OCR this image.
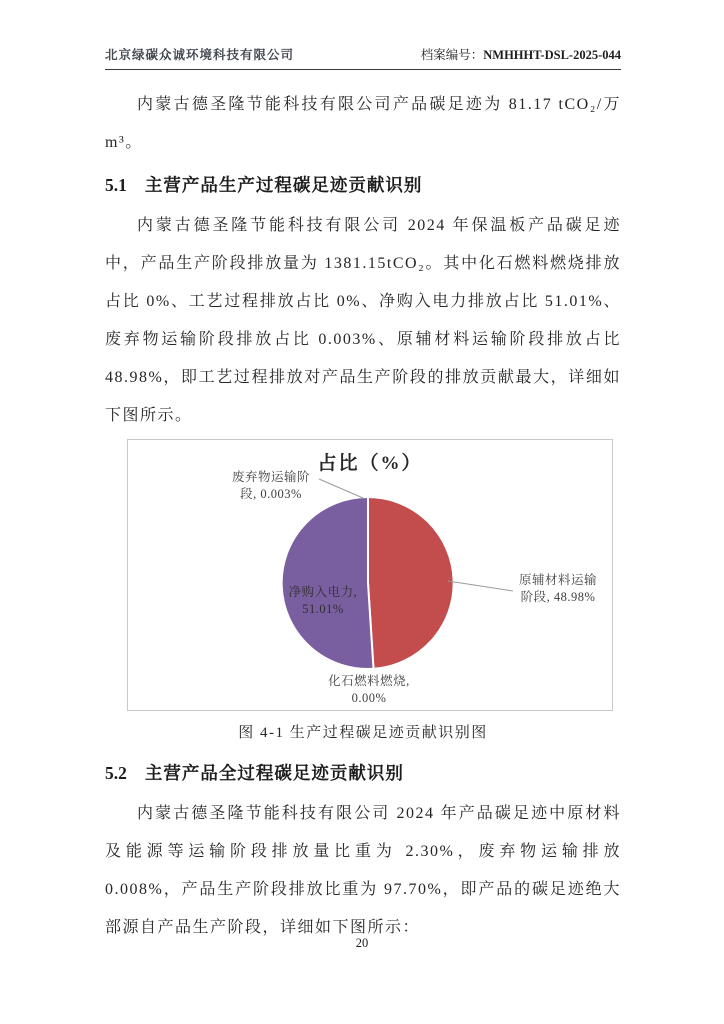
北京绿碳众诚环境科技有限公司	档案编号：NMHHHT-DSL-2025-044

内蒙古德圣隆节能科技有限公司产品碳足迹为 81.17 tCO₂/万 m³。

5.1 主营产品生产过程碳足迹贡献识别

内蒙古德圣隆节能科技有限公司 2024 年保温板产品碳足迹中，产品生产阶段排放量为 1381.15tCO₂。其中化石燃料燃烧排放占比 0%、工艺过程排放占比 0%、净购入电力排放占比 51.01%、废弃物运输阶段排放占比 0.003%、原辅材料运输阶段排放占比 48.98%，即工艺过程排放对产品生产阶段的排放贡献最大，详细如下图所示。

占比（%）
废弃物运输阶
段, 0.003%
净购入电力,
51.01%
原辅材料运输
阶段, 48.98%
化石燃料燃烧,
0.00%
图 4-1 生产过程碳足迹贡献识别图
5.2 主营产品全过程碳足迹贡献识别

内蒙古德圣隆节能科技有限公司 2024 年产品碳足迹中原材料及能源等运输阶段排放量比重为 2.30%，废弃物运输排放 0.008%，产品生产阶段排放比重为 97.70%，即产品的碳足迹绝大部源自产品生产阶段，详细如下图所示：

20
